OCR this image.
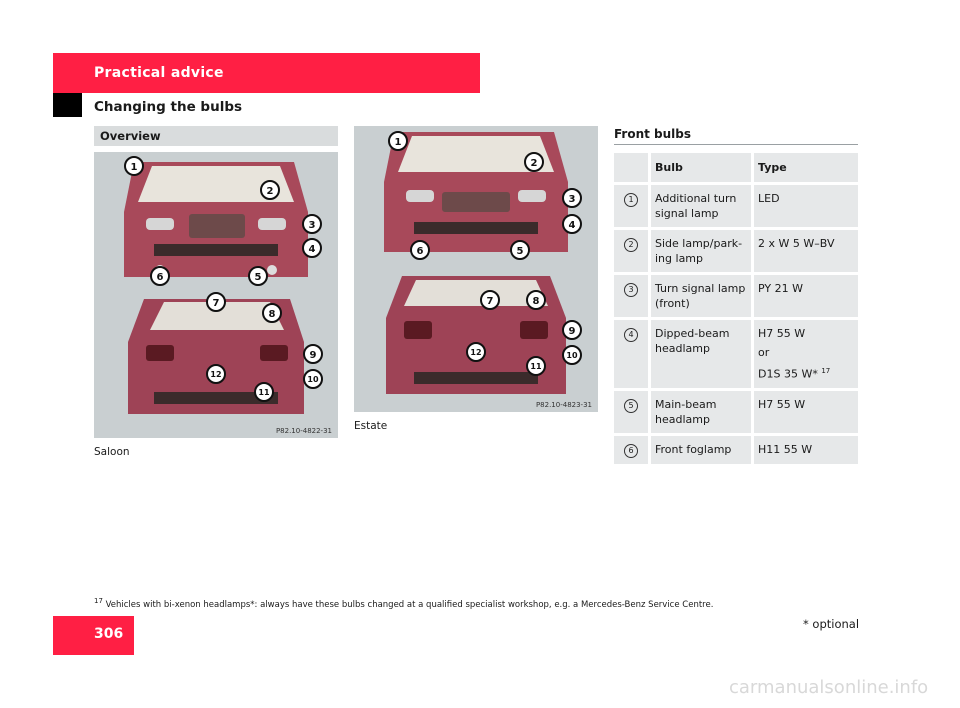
Practical advice
Changing the bulbs
Overview
1
2
3
4
5
6
7
8
9
10
11
12
P82.10-4822-31
Saloon
1
2
3
4
5
6
7	8
9
10
11
12
P82.10-4823-31
Estate
Front bulbs
	Bulb	Type
1	Additional turn signal lamp	LED
2	Side lamp/park-ing lamp	2 x W 5 W–BV
3	Turn signal lamp (front)	PY 21 W
4	Dipped-beam headlamp	H7 55 W
or
D1S 35 W* $^{17}$

5	Main-beam headlamp	H7 55 W
6	Front foglamp	H11 55 W
$^{17}$ Vehicles with bi-xenon headlamps*: always have these bulbs changed at a qualified specialist workshop, e.g. a Mercedes-Benz Service Centre.
306
* optional
carmanualsonline.info
